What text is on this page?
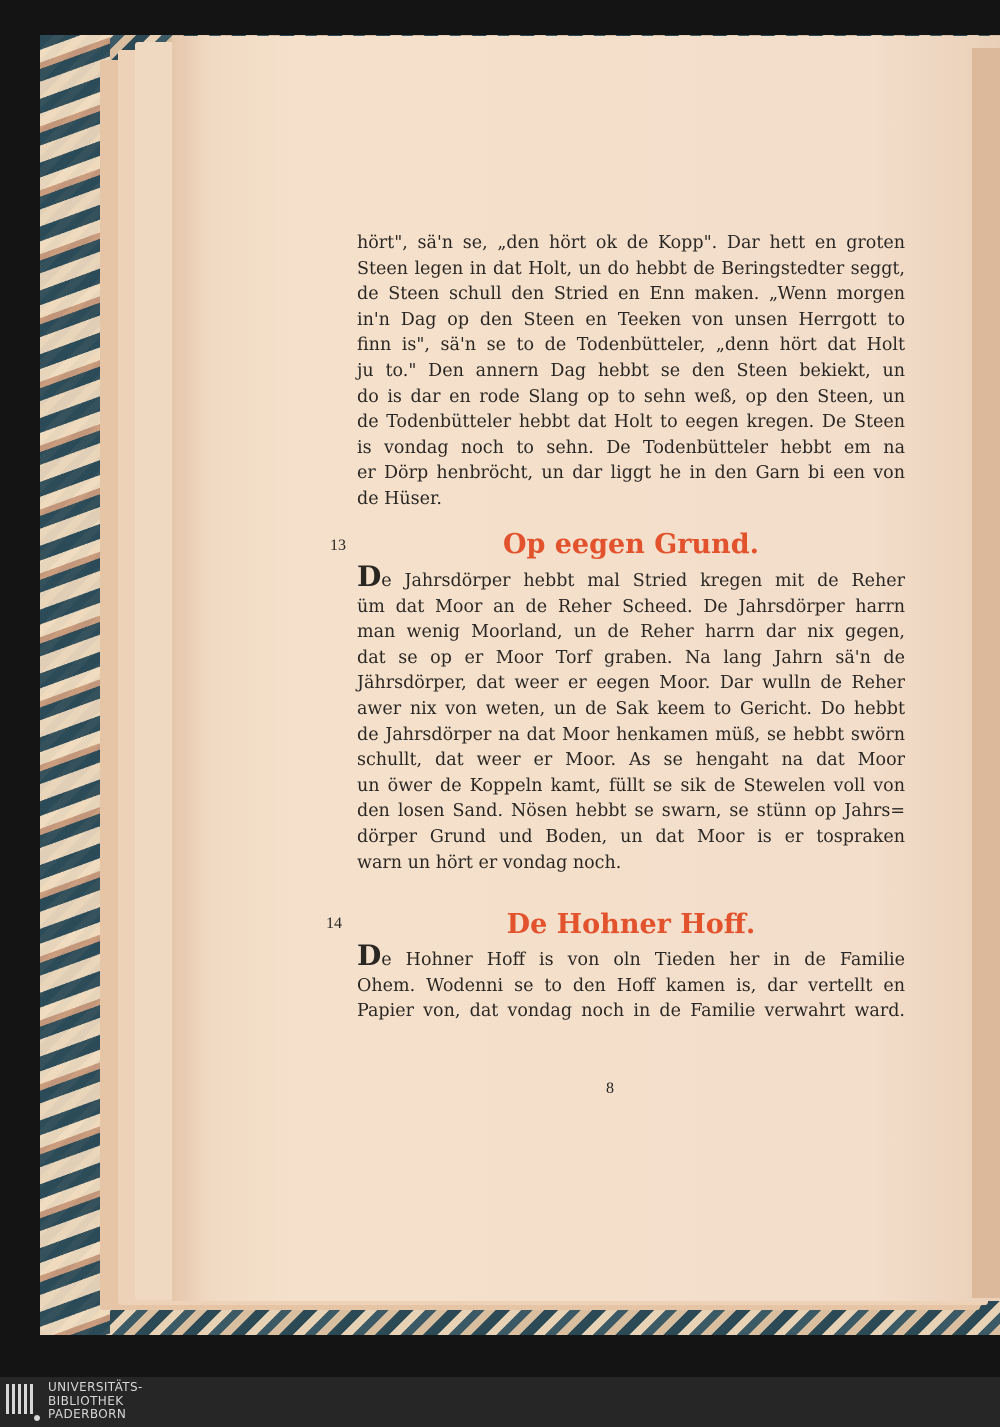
hört", sä'n se, „den hört ok de Kopp". Dar hett en groten

Steen legen in dat Holt, un do hebbt de Beringstedter seggt,

de Steen schull den Stried en Enn maken. „Wenn morgen

in'n Dag op den Steen en Teeken von unsen Herrgott to

finn is", sä'n se to de Todenbütteler, „denn hört dat Holt

ju to." Den annern Dag hebbt se den Steen bekiekt, un

do is dar en rode Slang op to sehn weß, op den Steen, un

de Todenbütteler hebbt dat Holt to eegen kregen. De Steen

is vondag noch to sehn. De Todenbütteler hebbt em na

er Dörp henbröcht, un dar liggt he in den Garn bi een von

de Hüser.

13	Op eegen Grund.

De Jahrsdörper hebbt mal Stried kregen mit de Reher

üm dat Moor an de Reher Scheed. De Jahrsdörper harrn

man wenig Moorland, un de Reher harrn dar nix gegen,

dat se op er Moor Torf graben. Na lang Jahrn sä'n de

Jährsdörper, dat weer er eegen Moor. Dar wulln de Reher

awer nix von weten, un de Sak keem to Gericht. Do hebbt

de Jahrsdörper na dat Moor henkamen müß, se hebbt swörn

schullt, dat weer er Moor. As se hengaht na dat Moor

un öwer de Koppeln kamt, füllt se sik de Stewelen voll von

den losen Sand. Nösen hebbt se swarn, se stünn op Jahrs=

dörper Grund und Boden, un dat Moor is er tospraken

warn un hört er vondag noch.

14	De Hohner Hoff.

De Hohner Hoff is von oln Tieden her in de Familie

Ohem. Wodenni se to den Hoff kamen is, dar vertellt en

Papier von, dat vondag noch in de Familie verwahrt ward.

8
UNIVERSITÄTS-
BIBLIOTHEK
PADERBORN
